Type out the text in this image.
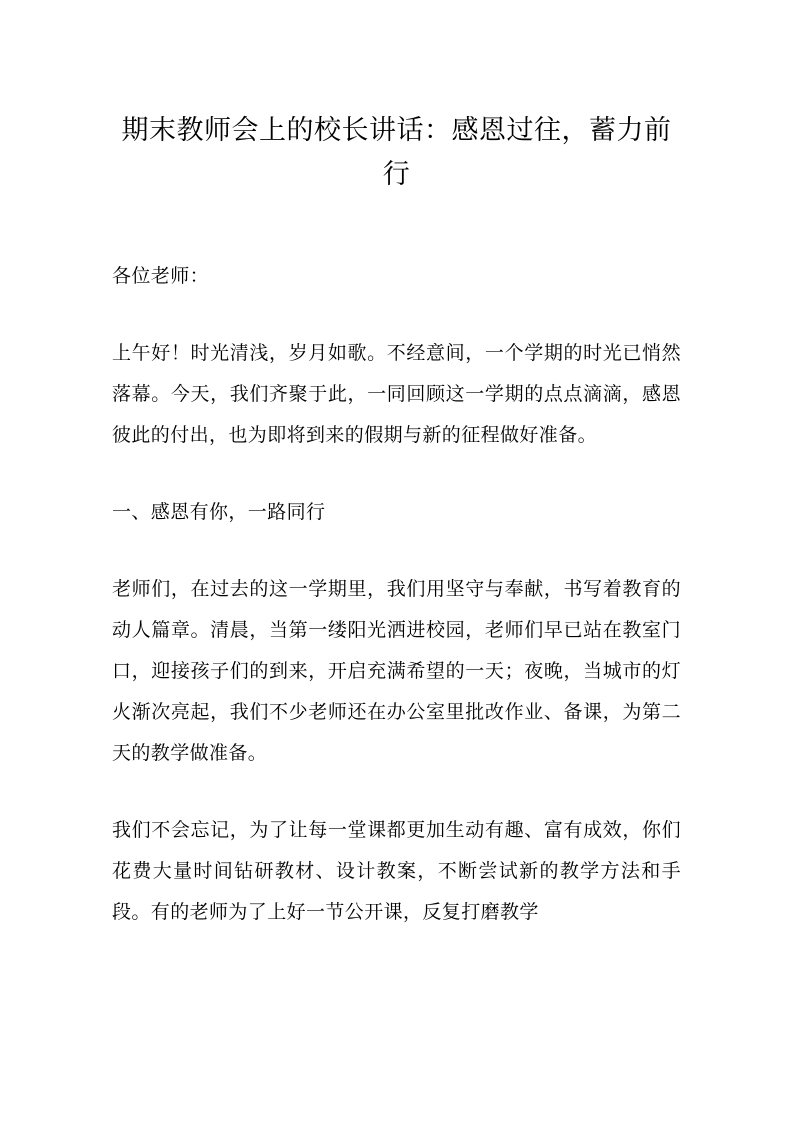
期末教师会上的校长讲话：感恩过往，蓄力前行

各位老师：

上午好！时光清浅，岁月如歌。不经意间，一个学期的时光已悄然落幕。今天，我们齐聚于此，一同回顾这一学期的点点滴滴，感恩彼此的付出，也为即将到来的假期与新的征程做好准备。

一、感恩有你，一路同行

老师们，在过去的这一学期里，我们用坚守与奉献，书写着教育的动人篇章。清晨，当第一缕阳光洒进校园，老师们早已站在教室门口，迎接孩子们的到来，开启充满希望的一天；夜晚，当城市的灯火渐次亮起，我们不少老师还在办公室里批改作业、备课，为第二天的教学做准备。

我们不会忘记，为了让每一堂课都更加生动有趣、富有成效，你们花费大量时间钻研教材、设计教案，不断尝试新的教学方法和手段。有的老师为了上好一节公开课，反复打磨教学
